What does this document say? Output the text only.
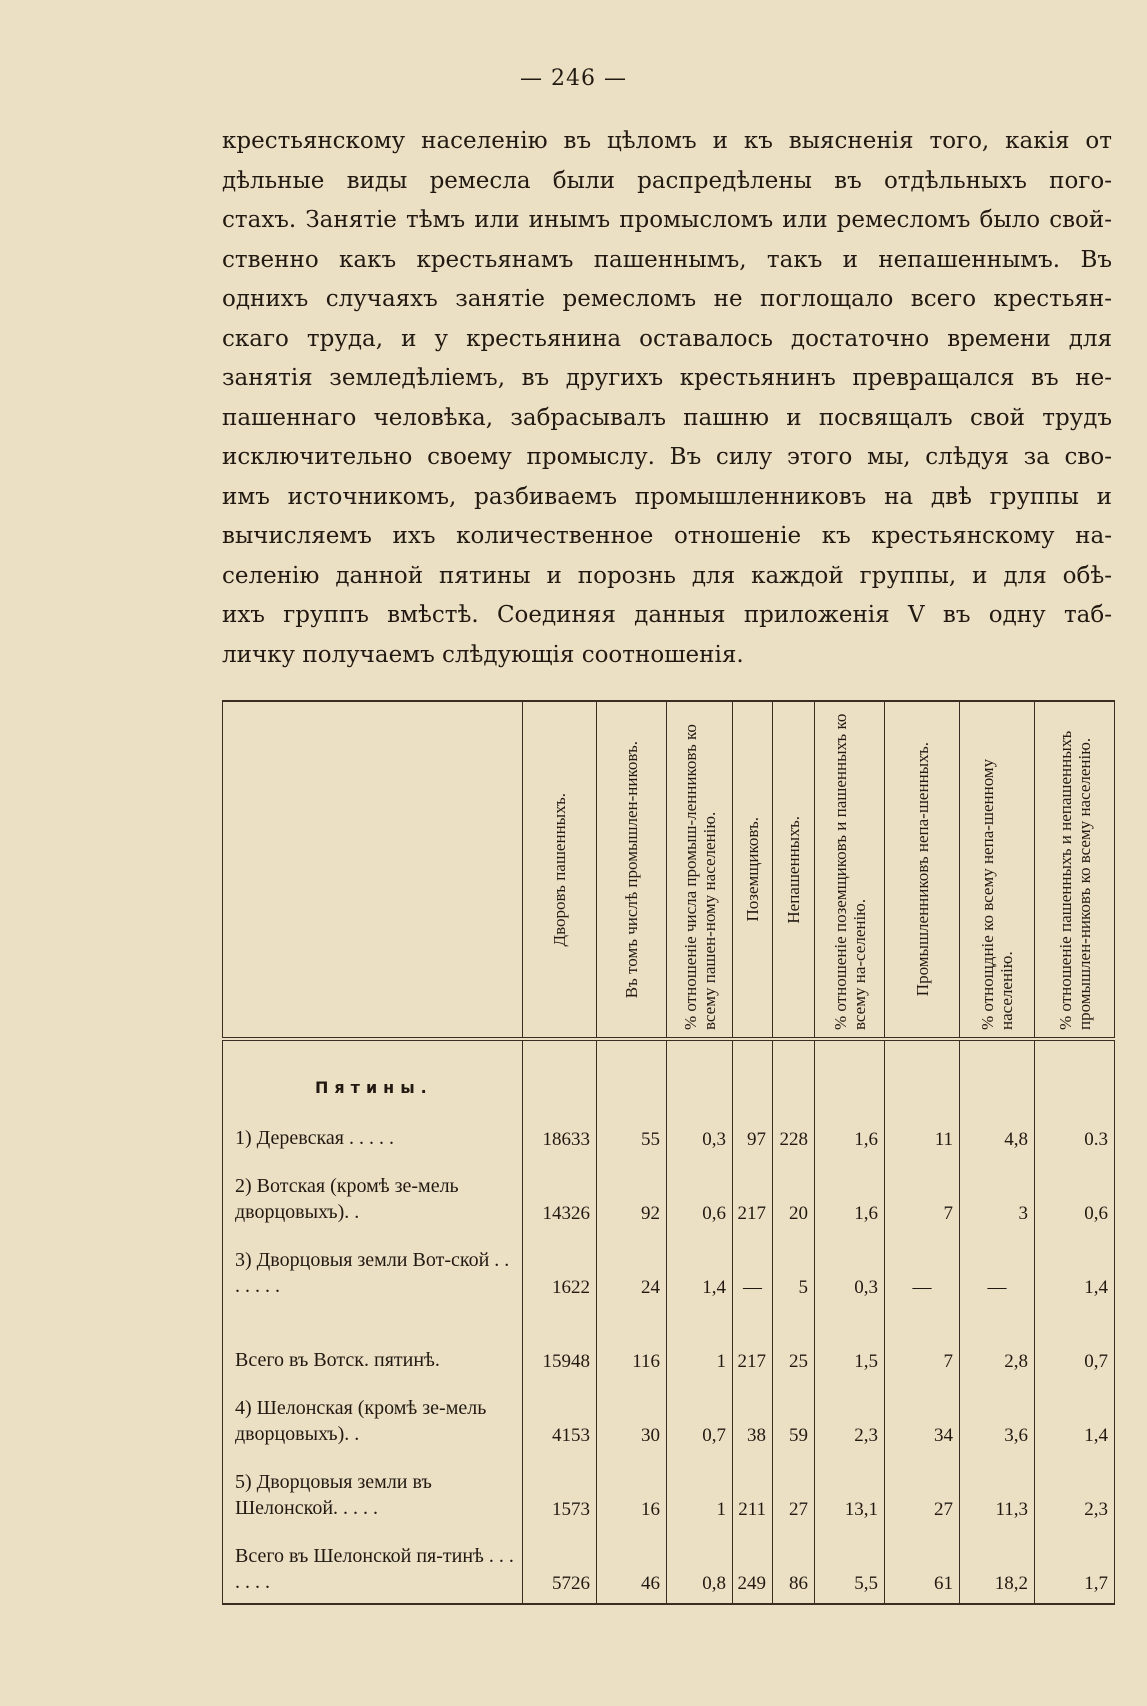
— 246 —
крестьянскому населенію въ цѣломъ и къ выясненія того, какія от
дѣльные виды ремесла были распредѣлены въ отдѣльныхъ пого-
стахъ. Занятіе тѣмъ или инымъ промысломъ или ремесломъ было свой-
ственно какъ крестьянамъ пашеннымъ, такъ и непашеннымъ. Въ
однихъ случаяхъ занятіе ремесломъ не поглощало всего крестьян-
скаго труда, и у крестьянина оставалось достаточно времени для
занятія земледѣліемъ, въ другихъ крестьянинъ превращался въ не-
пашеннаго человѣка, забрасывалъ пашню и посвящалъ свой трудъ
исключительно своему промыслу. Въ силу этого мы, слѣдуя за сво-
имъ источникомъ, разбиваемъ промышленниковъ на двѣ группы и
вычисляемъ ихъ количественное отношеніе къ крестьянскому на-
селенію данной пятины и порознь для каждой группы, и для обѣ-
ихъ группъ вмѣстѣ. Соединяя данныя приложенія V въ одну таб-
личку получаемъ слѣдующія соотношенія.

	Дворовъ пашенныхъ.	Въ томъ числѣ промышлен-никовъ.	% отношеніе числа промыш-ленниковъ ко всему пашен-ному населенію.	Поземщиковъ.	Непашенныхъ.	% отношеніе поземщиковъ и пашенныхъ ко всему на-селенію.	Промышленниковъ непа-шенныхъ.	% отнощдніе ко всему непа-шенному населенію.	% отношеніе пашенныхъ и непашенныхъ промышлен-никовъ ко всему населенію.

Пятины.
1) Деревская . . . . .	18633	55	0,3	97	228	1,6	11	4,8	0.3
2) Вотская (кромѣ зе-мель дворцовыхъ). .	14326	92	0,6	217	20	1,6	7	3	0,6
3) Дворцовыя земли Вот-ской . . . . . . .	1622	24	1,4	—	5	0,3	—	—	1,4
Всего въ Вотск. пятинѣ.	15948	116	1	217	25	1,5	7	2,8	0,7
4) Шелонская (кромѣ зе-мель дворцовыхъ). .	4153	30	0,7	38	59	2,3	34	3,6	1,4
5) Дворцовыя земли въ Шелонской. . . . .	1573	16	1	211	27	13,1	27	11,3	2,3
Всего въ Шелонской пя-тинѣ . . . . . . .	5726	46	0,8	249	86	5,5	61	18,2	1,7
